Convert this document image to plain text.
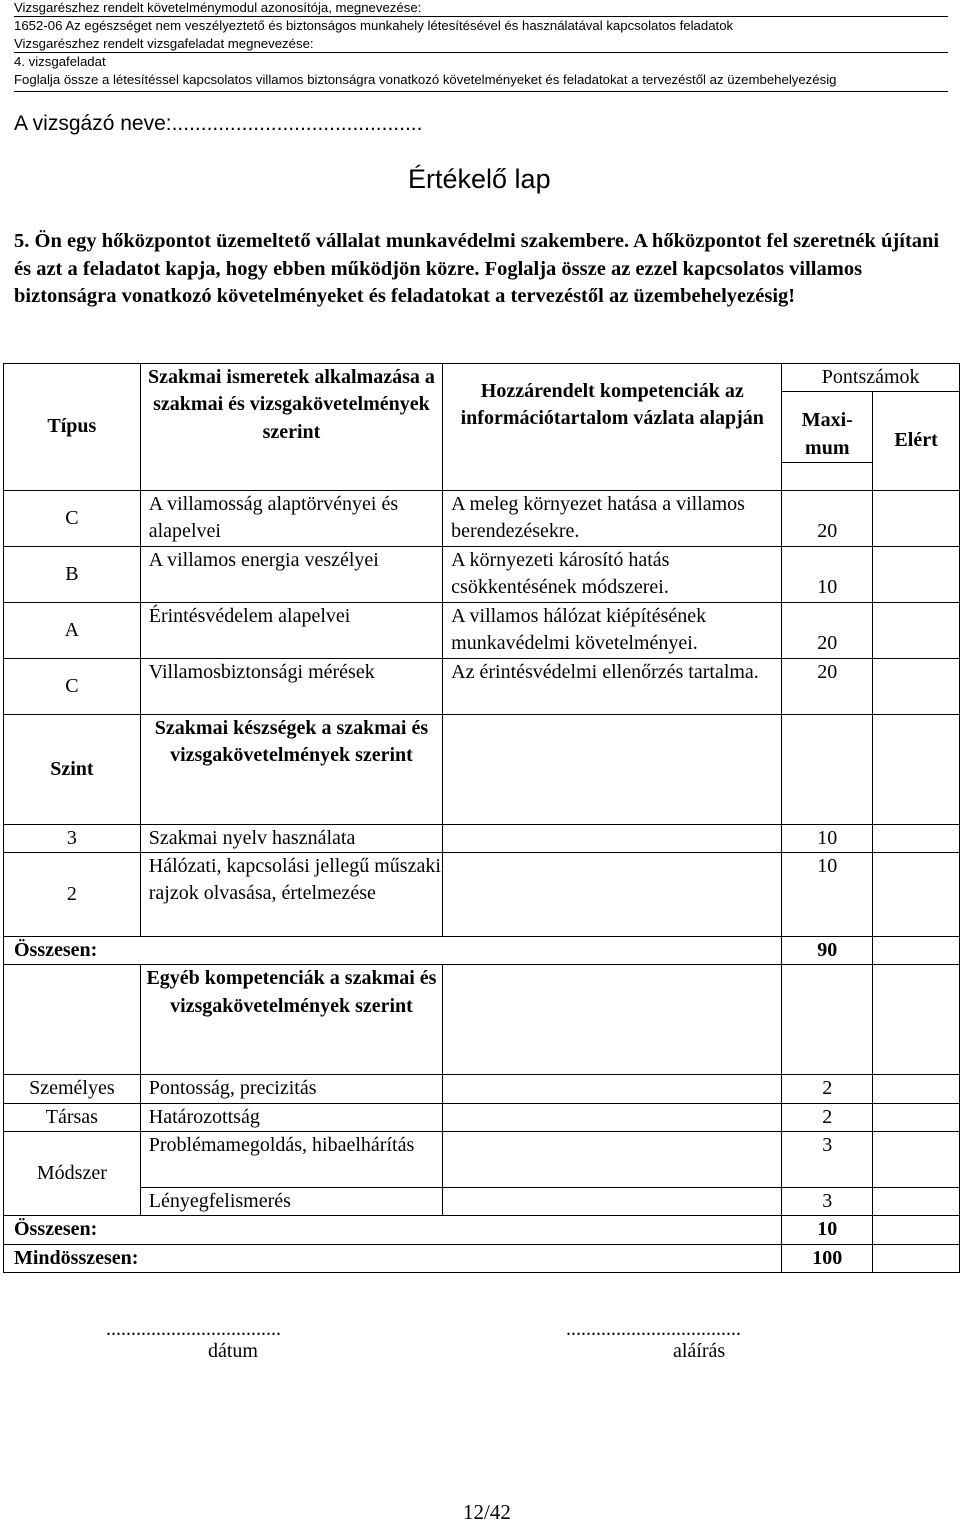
Vizsgarészhez rendelt követelménymodul azonosítója, megnevezése:
1652-06 Az egészséget nem veszélyeztető és biztonságos munkahely létesítésével és használatával kapcsolatos feladatok
Vizsgarészhez rendelt vizsgafeladat megnevezése:
4. vizsgafeladat
Foglalja össze a létesítéssel kapcsolatos villamos biztonságra vonatkozó követelményeket és feladatokat a tervezéstől az üzembehelyezésig
A vizsgázó neve:...........................................
Értékelő lap
5. Ön egy hőközpontot üzemeltető vállalat munkavédelmi szakembere. A hőközpontot fel szeretnék újítani és azt a feladatot kapja, hogy ebben működjön közre. Foglalja össze az ezzel kapcsolatos villamos biztonságra vonatkozó követelményeket és feladatokat a tervezéstől az üzembehelyezésig!
Típus	Szakmai ismeretek alkalmazása a szakmai és vizsgakövetelmények szerint	Hozzárendelt kompetenciák az információtartalom vázlata alapján	Pontszámok	
			Maxi-mum	Elért

C	A villamosság alaptörvényei és alapelvei	A meleg környezet hatása a villamos berendezésekre.	20	
B	A villamos energia veszélyei	A környezeti károsító hatás csökkentésének módszerei.	10	
A	Érintésvédelem alapelvei	A villamos hálózat kiépítésének munkavédelmi követelményei.	20	
C	Villamosbiztonsági mérések	Az érintésvédelmi ellenőrzés tartalma.	20	
Szint	Szakmai készségek a szakmai és vizsgakövetelmények szerint			
3	Szakmai nyelv használata		10	
2	Hálózati, kapcsolási jellegű műszaki rajzok olvasása, értelmezése		10	
Összesen:			90	
	Egyéb kompetenciák a szakmai és vizsgakövetelmények szerint			
Személyes	Pontosság, precizitás		2	
Társas	Határozottság		2	
Módszer	Problémamegoldás, hibaelhárítás		3	
	Lényegfelismerés		3	
Összesen:			10	
Mindösszesen:			100	
...................................	...................................
dátum	aláírás
12/42
